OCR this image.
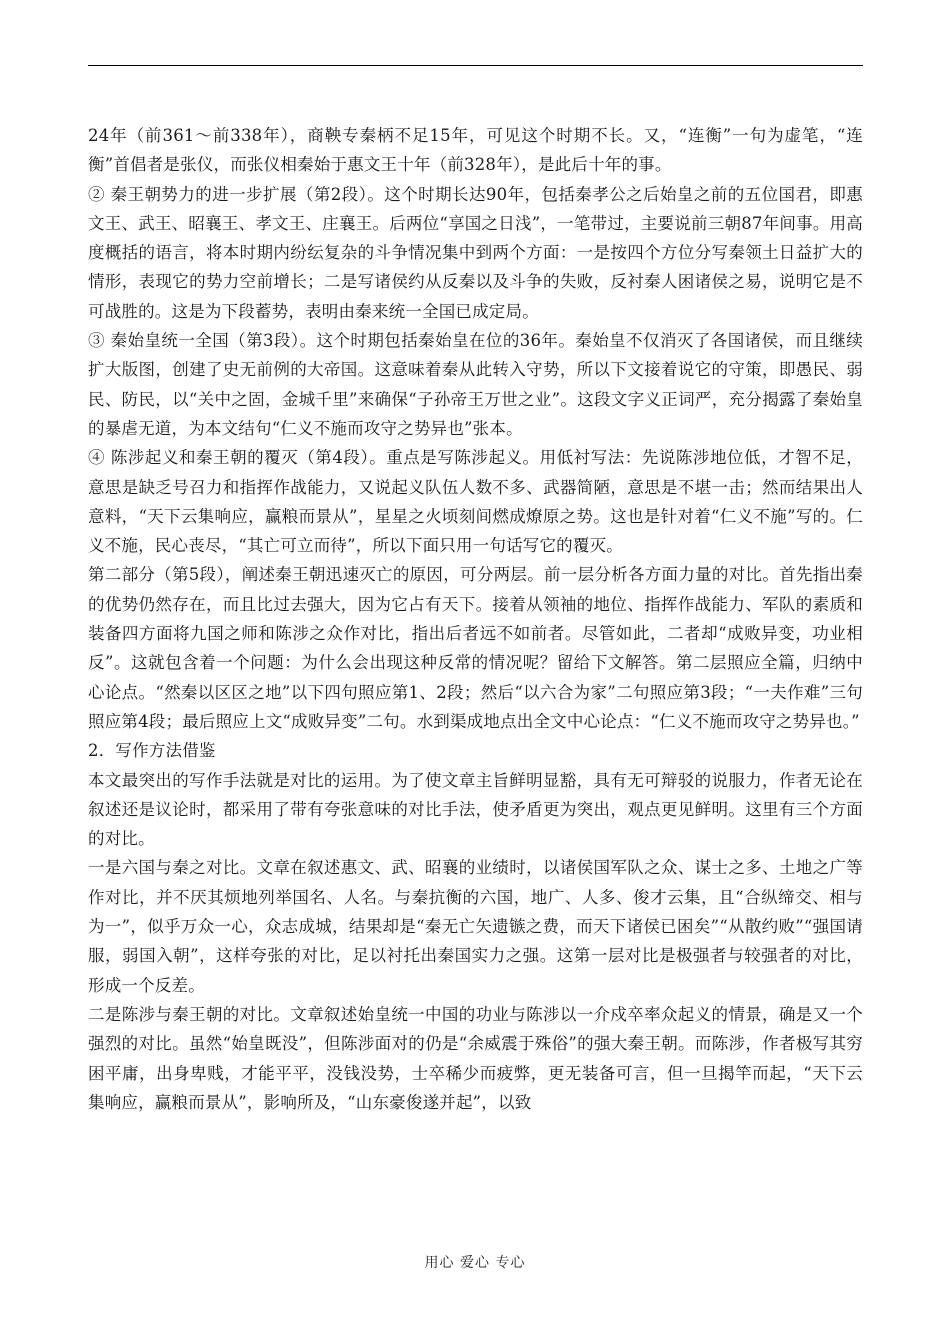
24年（前361～前338年），商鞅专秦柄不足15年，可见这个时期不长。又，“连衡”一句为虚笔，“连衡”首倡者是张仪，而张仪相秦始于惠文王十年（前328年），是此后十年的事。

② 秦王朝势力的进一步扩展（第2段）。这个时期长达90年，包括秦孝公之后始皇之前的五位国君，即惠文王、武王、昭襄王、孝文王、庄襄王。后两位“享国之日浅”，一笔带过，主要说前三朝87年间事。用高度概括的语言，将本时期内纷纭复杂的斗争情况集中到两个方面：一是按四个方位分写秦领土日益扩大的情形，表现它的势力空前增长；二是写诸侯约从反秦以及斗争的失败，反衬秦人困诸侯之易，说明它是不可战胜的。这是为下段蓄势，表明由秦来统一全国已成定局。

③ 秦始皇统一全国（第3段）。这个时期包括秦始皇在位的36年。秦始皇不仅消灭了各国诸侯，而且继续扩大版图，创建了史无前例的大帝国。这意味着秦从此转入守势，所以下文接着说它的守策，即愚民、弱民、防民，以“关中之固，金城千里”来确保“子孙帝王万世之业”。这段文字义正词严，充分揭露了秦始皇的暴虐无道，为本文结句“仁义不施而攻守之势异也”张本。

④ 陈涉起义和秦王朝的覆灭（第4段）。重点是写陈涉起义。用低衬写法：先说陈涉地位低，才智不足，意思是缺乏号召力和指挥作战能力，又说起义队伍人数不多、武器简陋，意思是不堪一击；然而结果出人意料，“天下云集响应，赢粮而景从”，星星之火顷刻间燃成燎原之势。这也是针对着“仁义不施”写的。仁义不施，民心丧尽，“其亡可立而待”，所以下面只用一句话写它的覆灭。

第二部分（第5段），阐述秦王朝迅速灭亡的原因，可分两层。前一层分析各方面力量的对比。首先指出秦的优势仍然存在，而且比过去强大，因为它占有天下。接着从领袖的地位、指挥作战能力、军队的素质和装备四方面将九国之师和陈涉之众作对比，指出后者远不如前者。尽管如此，二者却“成败异变，功业相反”。这就包含着一个问题：为什么会出现这种反常的情况呢？留给下文解答。第二层照应全篇，归纳中心论点。“然秦以区区之地”以下四句照应第1、2段；然后“以六合为家”二句照应第3段；“一夫作难”三句照应第4段；最后照应上文“成败异变”二句。水到渠成地点出全文中心论点：“仁义不施而攻守之势异也。”

2．写作方法借鉴

本文最突出的写作手法就是对比的运用。为了使文章主旨鲜明显豁，具有无可辩驳的说服力，作者无论在叙述还是议论时，都采用了带有夸张意味的对比手法，使矛盾更为突出，观点更见鲜明。这里有三个方面的对比。

一是六国与秦之对比。文章在叙述惠文、武、昭襄的业绩时，以诸侯国军队之众、谋士之多、土地之广等作对比，并不厌其烦地列举国名、人名。与秦抗衡的六国，地广、人多、俊才云集，且“合纵缔交、相与为一”，似乎万众一心，众志成城，结果却是“秦无亡矢遗镞之费，而天下诸侯已困矣”“从散约败”“强国请服，弱国入朝”，这样夸张的对比，足以衬托出秦国实力之强。这第一层对比是极强者与较强者的对比，形成一个反差。

二是陈涉与秦王朝的对比。文章叙述始皇统一中国的功业与陈涉以一介戍卒率众起义的情景，确是又一个强烈的对比。虽然“始皇既没”，但陈涉面对的仍是“余威震于殊俗”的强大秦王朝。而陈涉，作者极写其穷困平庸，出身卑贱，才能平平，没钱没势，士卒稀少而疲弊，更无装备可言，但一旦揭竿而起，“天下云集响应，赢粮而景从”，影响所及，“山东豪俊遂并起”，以致

用心 爱心 专心
